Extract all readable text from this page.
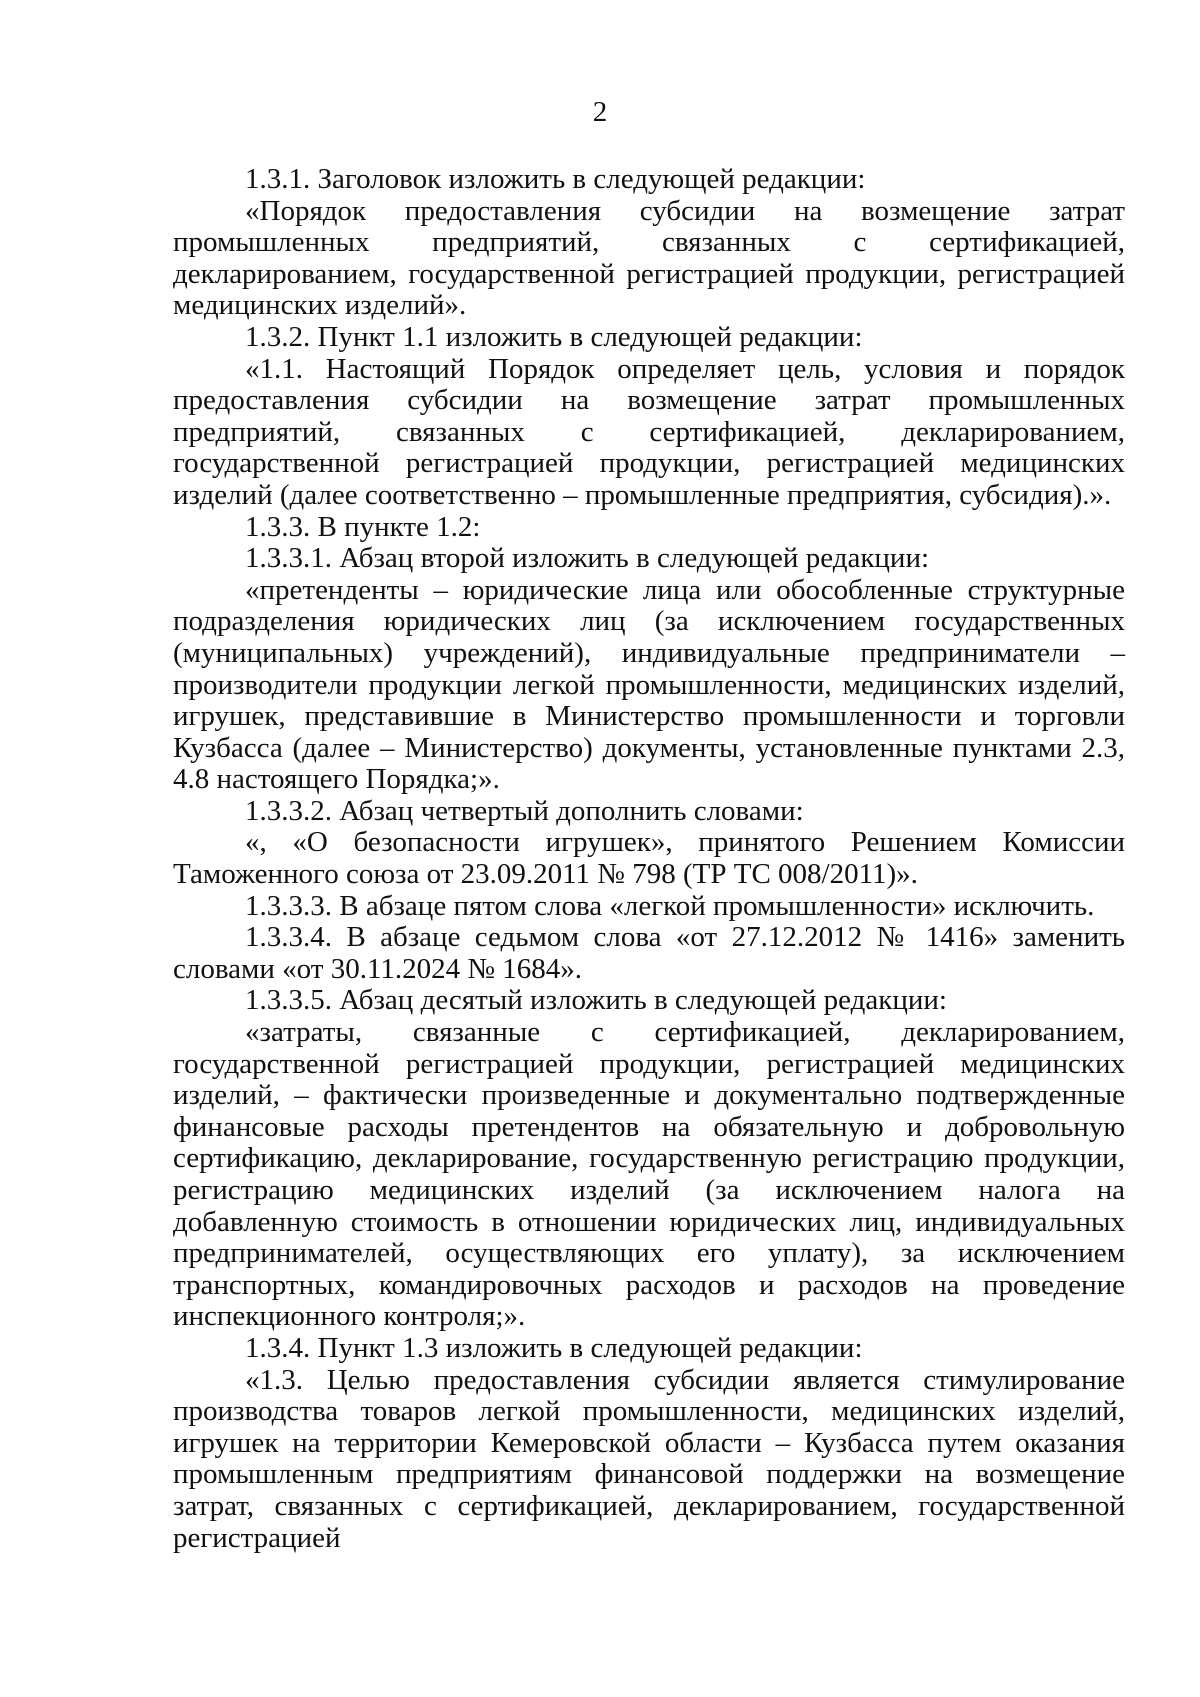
2

1.3.1. Заголовок изложить в следующей редакции:

«Порядок предоставления субсидии на возмещение затрат промышленных предприятий, связанных с сертификацией, декларированием, государственной регистрацией продукции, регистрацией медицинских изделий».

1.3.2. Пункт 1.1 изложить в следующей редакции:

«1.1. Настоящий Порядок определяет цель, условия и порядок предоставления субсидии на возмещение затрат промышленных предприятий, связанных с сертификацией, декларированием, государственной регистрацией продукции, регистрацией медицинских изделий (далее соответственно – промышленные предприятия, субсидия).».

1.3.3. В пункте 1.2:

1.3.3.1. Абзац второй изложить в следующей редакции:

«претенденты – юридические лица или обособленные структурные подразделения юридических лиц (за исключением государственных (муниципальных) учреждений), индивидуальные предприниматели – производители продукции легкой промышленности, медицинских изделий, игрушек, представившие в Министерство промышленности и торговли Кузбасса (далее – Министерство) документы, установленные пунктами 2.3, 4.8 настоящего Порядка;».

1.3.3.2. Абзац четвертый дополнить словами:

«, «О безопасности игрушек», принятого Решением Комиссии Таможенного союза от 23.09.2011 № 798 (ТР ТС 008/2011)».

1.3.3.3. В абзаце пятом слова «легкой промышленности» исключить.

1.3.3.4. В абзаце седьмом слова «от 27.12.2012 № 1416» заменить словами «от 30.11.2024 № 1684».

1.3.3.5. Абзац десятый изложить в следующей редакции:

«затраты, связанные с сертификацией, декларированием, государственной регистрацией продукции, регистрацией медицинских изделий, – фактически произведенные и документально подтвержденные финансовые расходы претендентов на обязательную и добровольную сертификацию, декларирование, государственную регистрацию продукции, регистрацию медицинских изделий (за исключением налога на добавленную стоимость в отношении юридических лиц, индивидуальных предпринимателей, осуществляющих его уплату), за исключением транспортных, командировочных расходов и расходов на проведение инспекционного контроля;».

1.3.4. Пункт 1.3 изложить в следующей редакции:

«1.3. Целью предоставления субсидии является стимулирование производства товаров легкой промышленности, медицинских изделий, игрушек на территории Кемеровской области – Кузбасса путем оказания промышленным предприятиям финансовой поддержки на возмещение затрат, связанных с сертификацией, декларированием, государственной регистрацией
